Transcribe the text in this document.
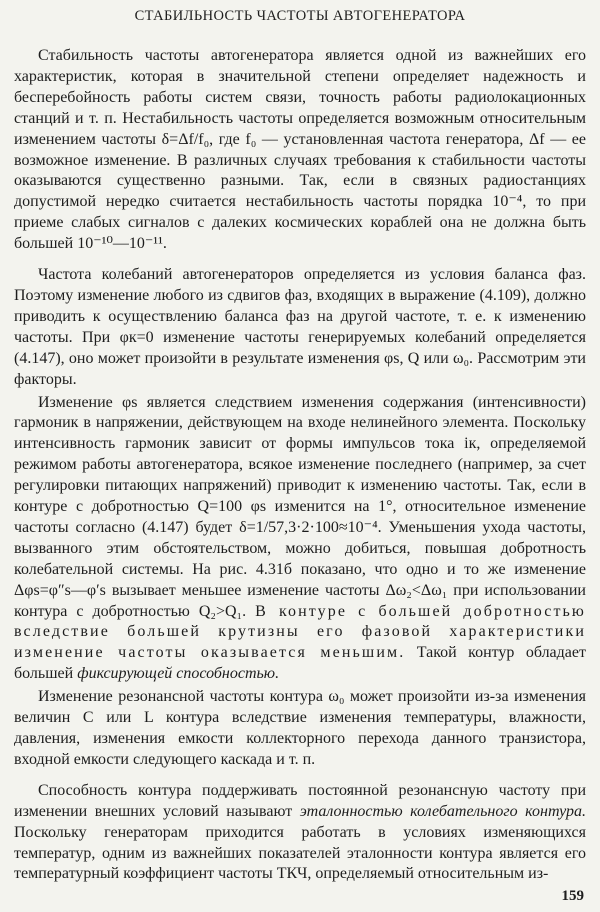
СТАБИЛЬНОСТЬ ЧАСТОТЫ АВТОГЕНЕРАТОРА

Стабильность частоты автогенератора является одной из важнейших его характеристик, которая в значительной степени определяет надежность и бесперебойность работы систем связи, точность работы радиолокационных станций и т. п. Нестабильность частоты определяется возможным относительным изменением частоты δ=Δf/f₀, где f₀ — установленная частота генератора, Δf — ее возможное изменение. В различных случаях требования к стабильности частоты оказываются существенно разными. Так, если в связных радиостанциях допустимой нередко считается нестабильность частоты порядка 10⁻⁴, то при приеме слабых сигналов с далеких космических кораблей она не должна быть большей 10⁻¹⁰—10⁻¹¹.

Частота колебаний автогенераторов определяется из условия баланса фаз. Поэтому изменение любого из сдвигов фаз, входящих в выражение (4.109), должно приводить к осуществлению баланса фаз на другой частоте, т. е. к изменению частоты. При φк=0 изменение частоты генерируемых колебаний определяется (4.147), оно может произойти в результате изменения φs, Q или ω₀. Рассмотрим эти факторы.

Изменение φs является следствием изменения содержания (интенсивности) гармоник в напряжении, действующем на входе нелинейного элемента. Поскольку интенсивность гармоник зависит от формы импульсов тока iк, определяемой режимом работы автогенератора, всякое изменение последнего (например, за счет регулировки питающих напряжений) приводит к изменению частоты. Так, если в контуре с добротностью Q=100 φs изменится на 1°, относительное изменение частоты согласно (4.147) будет δ=1/57,3·2·100≈10⁻⁴. Уменьшения ухода частоты, вызванного этим обстоятельством, можно добиться, повышая добротность колебательной системы. На рис. 4.31б показано, что одно и то же изменение Δφs=φ″s—φ′s вызывает меньшее изменение частоты Δω₂<Δω₁ при использовании контура с добротностью Q₂>Q₁. В контуре с большей добротностью вследствие большей крутизны его фазовой характеристики изменение частоты оказывается меньшим. Такой контур обладает большей фиксирующей способностью.

Изменение резонансной частоты контура ω₀ может произойти из-за изменения величин C или L контура вследствие изменения температуры, влажности, давления, изменения емкости коллекторного перехода данного транзистора, входной емкости следующего каскада и т. п.

Способность контура поддерживать постоянной резонансную частоту при изменении внешних условий называют эталонностью колебательного контура. Поскольку генераторам приходится работать в условиях изменяющихся температур, одним из важнейших показателей эталонности контура является его температурный коэффициент частоты ТКЧ, определяемый относительным из-

159
